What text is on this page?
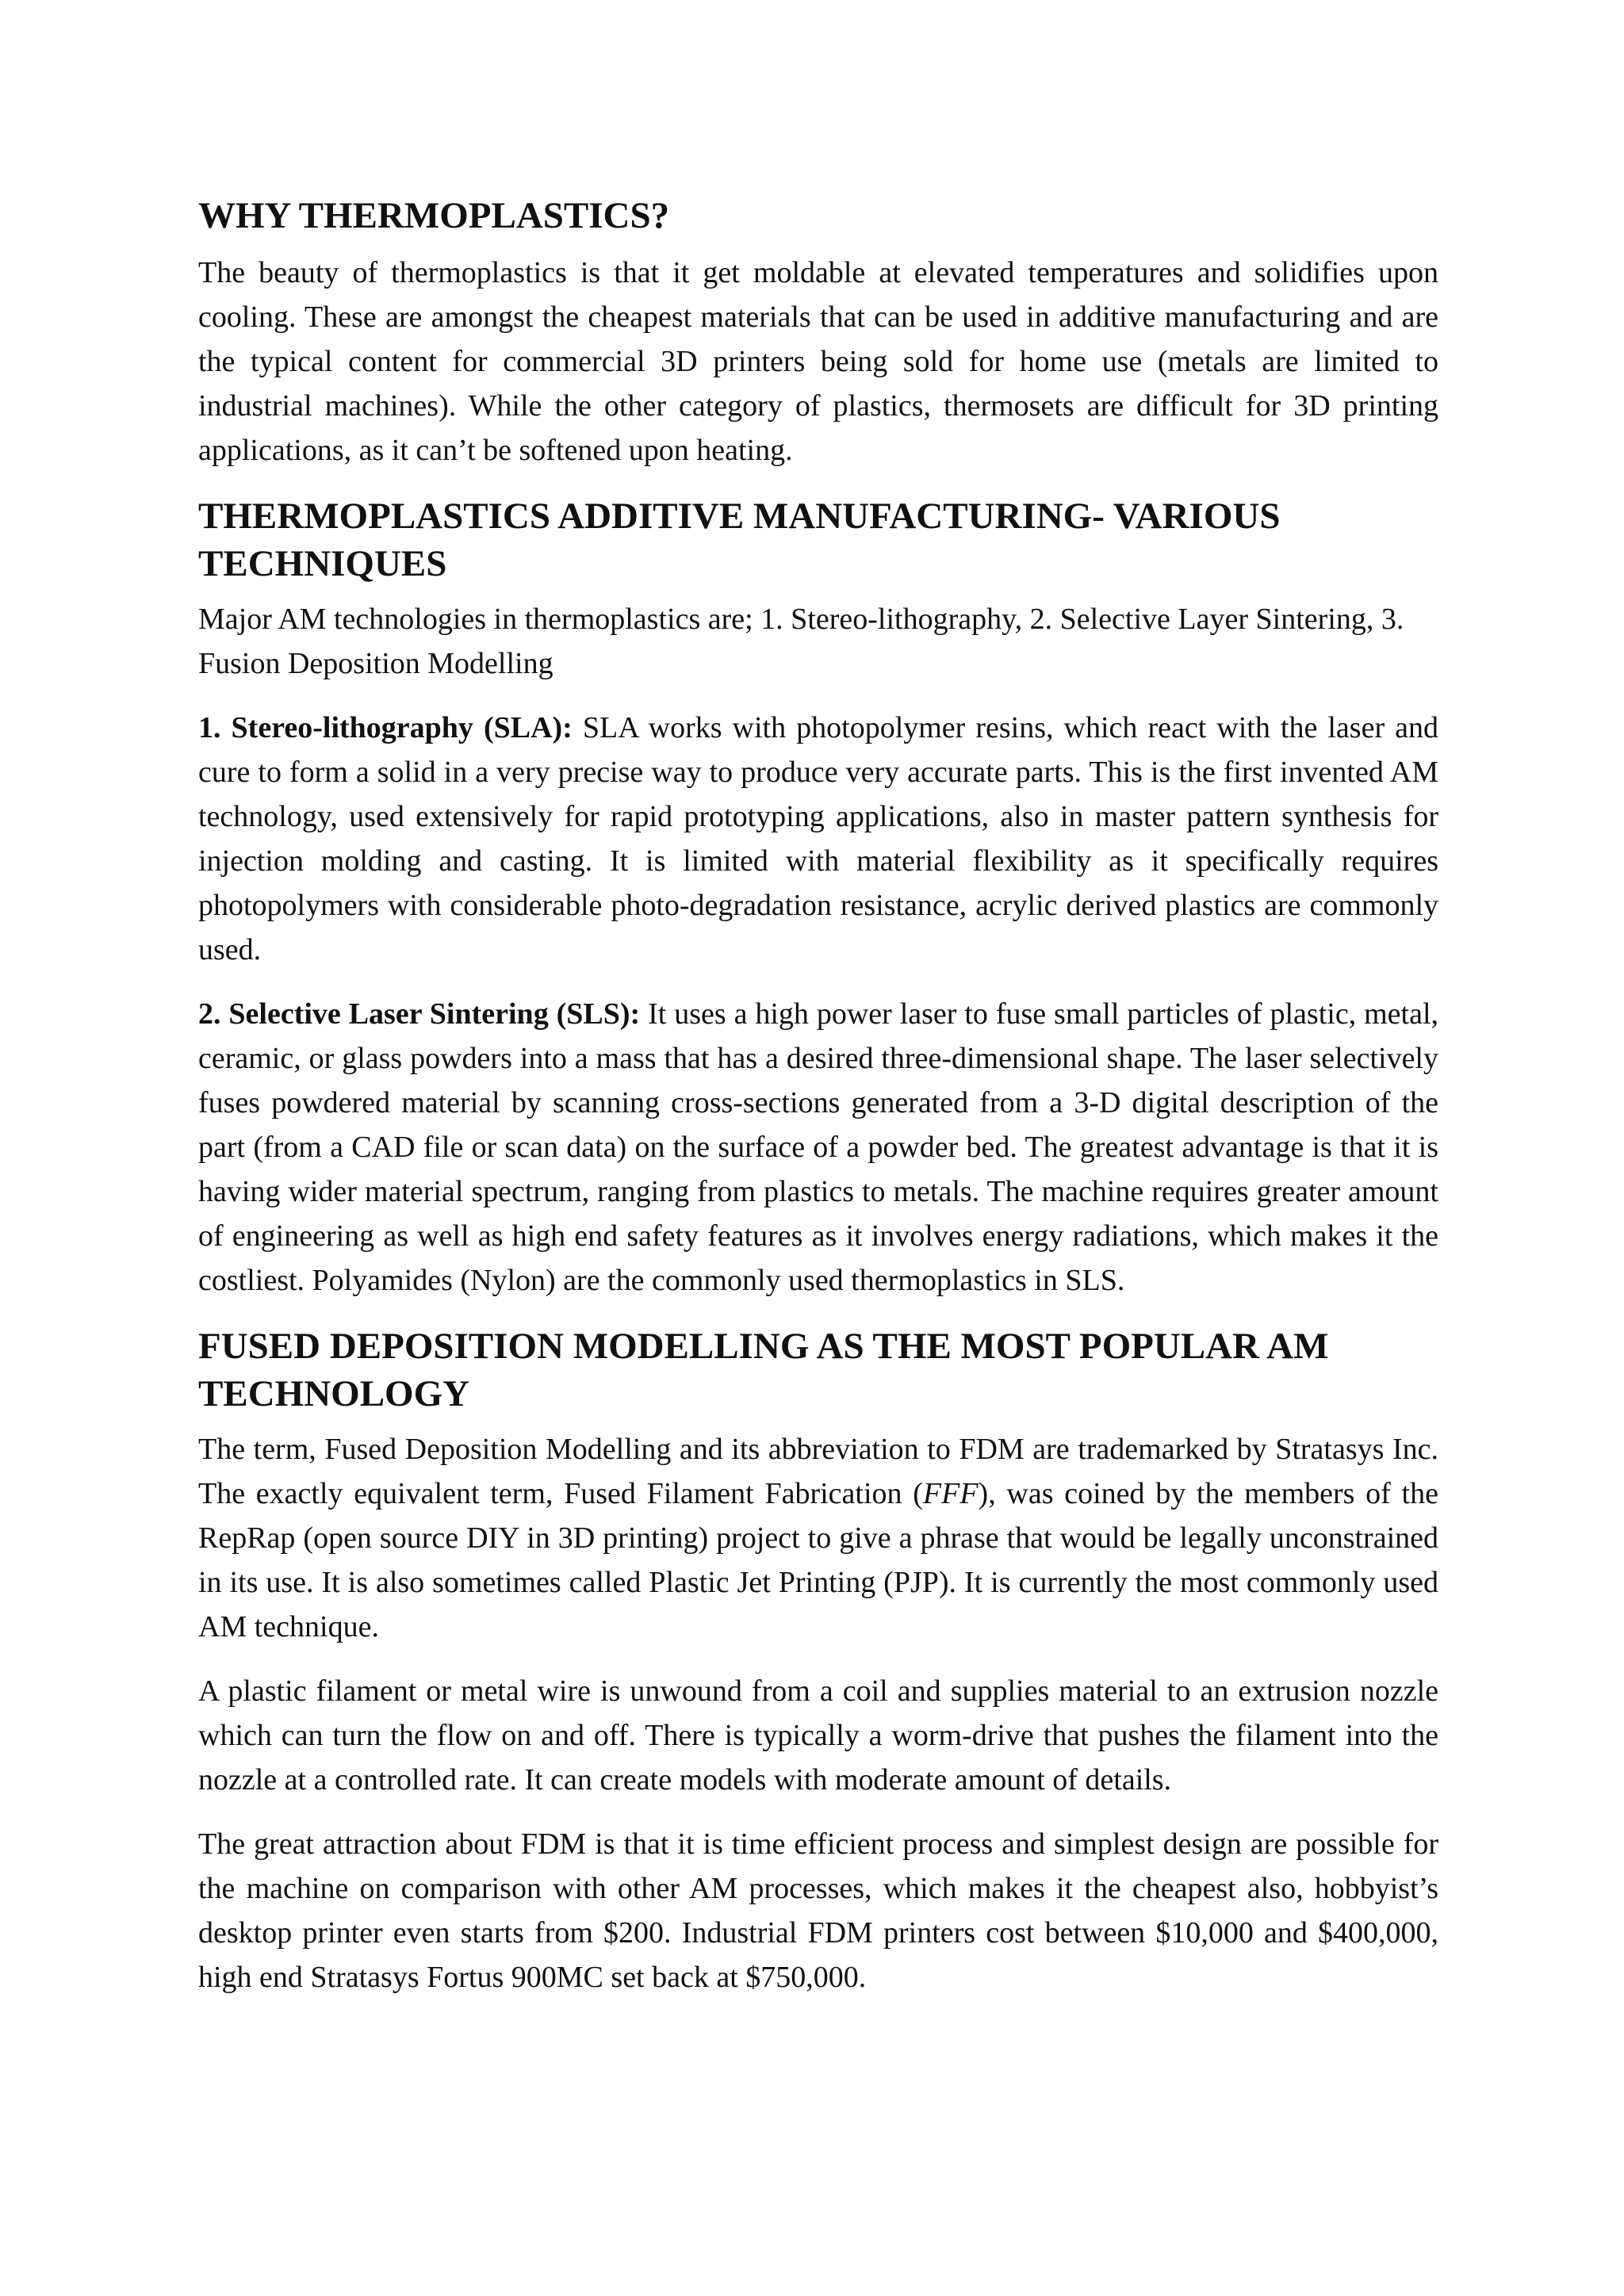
WHY THERMOPLASTICS?

The beauty of thermoplastics is that it get moldable at elevated temperatures and solidifies upon cooling. These are amongst the cheapest materials that can be used in additive manufacturing and are the typical content for commercial 3D printers being sold for home use (metals are limited to industrial machines). While the other category of plastics, thermosets are difficult for 3D printing applications, as it can’t be softened upon heating.

THERMOPLASTICS ADDITIVE MANUFACTURING- VARIOUS TECHNIQUES

Major AM technologies in thermoplastics are; 1. Stereo-lithography, 2. Selective Layer Sintering, 3. Fusion Deposition Modelling

1. Stereo-lithography (SLA): SLA works with photopolymer resins, which react with the laser and cure to form a solid in a very precise way to produce very accurate parts. This is the first invented AM technology, used extensively for rapid prototyping applications, also in master pattern synthesis for injection molding and casting. It is limited with material flexibility as it specifically requires photopolymers with considerable photo-degradation resistance, acrylic derived plastics are commonly used.

2. Selective Laser Sintering (SLS): It uses a high power laser to fuse small particles of plastic, metal, ceramic, or glass powders into a mass that has a desired three-dimensional shape. The laser selectively fuses powdered material by scanning cross-sections generated from a 3-D digital description of the part (from a CAD file or scan data) on the surface of a powder bed. The greatest advantage is that it is having wider material spectrum, ranging from plastics to metals. The machine requires greater amount of engineering as well as high end safety features as it involves energy radiations, which makes it the costliest. Polyamides (Nylon) are the commonly used thermoplastics in SLS.

FUSED DEPOSITION MODELLING AS THE MOST POPULAR AM TECHNOLOGY

The term, Fused Deposition Modelling and its abbreviation to FDM are trademarked by Stratasys Inc. The exactly equivalent term, Fused Filament Fabrication (FFF), was coined by the members of the RepRap (open source DIY in 3D printing) project to give a phrase that would be legally unconstrained in its use. It is also sometimes called Plastic Jet Printing (PJP). It is currently the most commonly used AM technique.

A plastic filament or metal wire is unwound from a coil and supplies material to an extrusion nozzle which can turn the flow on and off. There is typically a worm-drive that pushes the filament into the nozzle at a controlled rate. It can create models with moderate amount of details.

The great attraction about FDM is that it is time efficient process and simplest design are possible for the machine on comparison with other AM processes, which makes it the cheapest also, hobbyist’s desktop printer even starts from $200. Industrial FDM printers cost between $10,000 and $400,000, high end Stratasys Fortus 900MC set back at $750,000.
